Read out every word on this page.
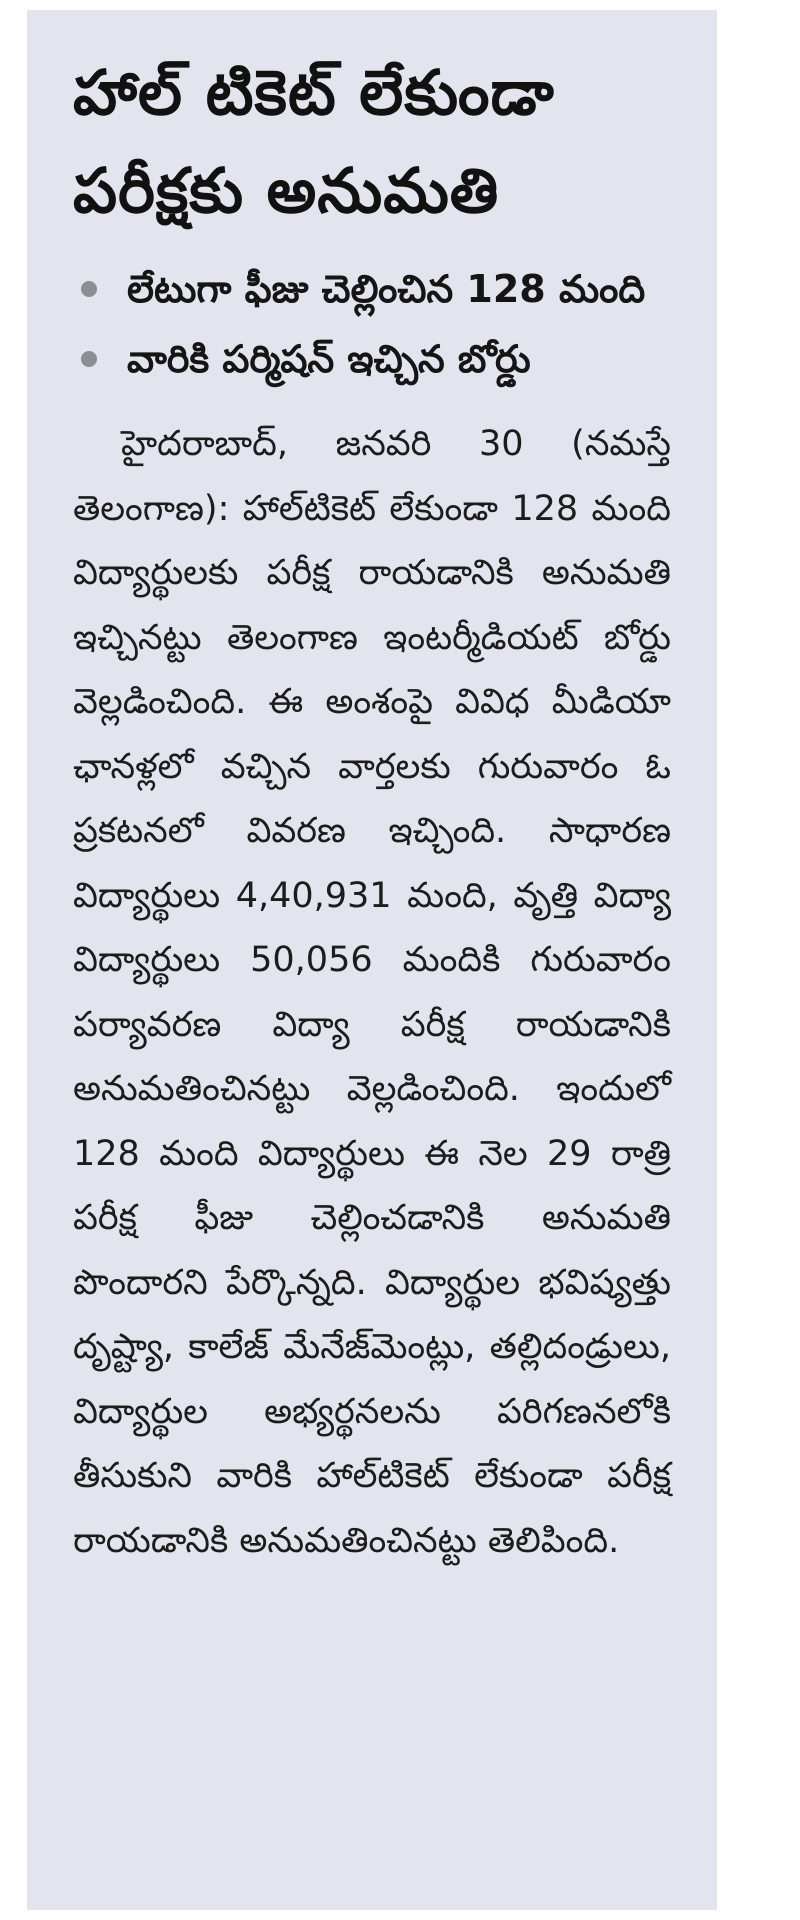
హాల్‌ టికెట్‌ లేకుండా పరీక్షకు అనుమతి
లేటుగా ఫీజు చెల్లించిన 128 మంది
వారికి పర్మిషన్‌ ఇచ్చిన బోర్డు

హైదరాబాద్‌, జనవరి 30 (నమస్తే తెలంగాణ): హాల్‌టికెట్‌ లేకుండా 128 మంది విద్యార్థులకు పరీక్ష రాయడానికి అనుమతి ఇచ్చినట్టు తెలంగాణ ఇంటర్మీడియట్‌ బోర్డు వెల్లడించింది. ఈ అంశంపై వివిధ మీడియా ఛానళ్లలో వచ్చిన వార్తలకు గురువారం ఓ ప్రకటనలో వివరణ ఇచ్చింది. సాధారణ విద్యార్థులు 4,40,931 మంది, వృత్తి విద్యా విద్యార్థులు 50,056 మందికి గురువారం పర్యావరణ విద్యా పరీక్ష రాయడానికి అనుమతించినట్టు వెల్లడించింది. ఇందులో 128 మంది విద్యార్థులు ఈ నెల 29 రాత్రి పరీక్ష ఫీజు చెల్లించడానికి అనుమతి పొందారని పేర్కొన్నది. విద్యార్థుల భవిష్యత్తు దృష్ట్యా, కాలేజ్‌ మేనేజ్‌మెంట్లు, తల్లిదండ్రులు, విద్యార్థుల అభ్యర్థనలను పరిగణనలోకి తీసుకుని వారికి హాల్‌టికెట్‌ లేకుండా పరీక్ష రాయడానికి అనుమతించినట్టు తెలిపింది.
